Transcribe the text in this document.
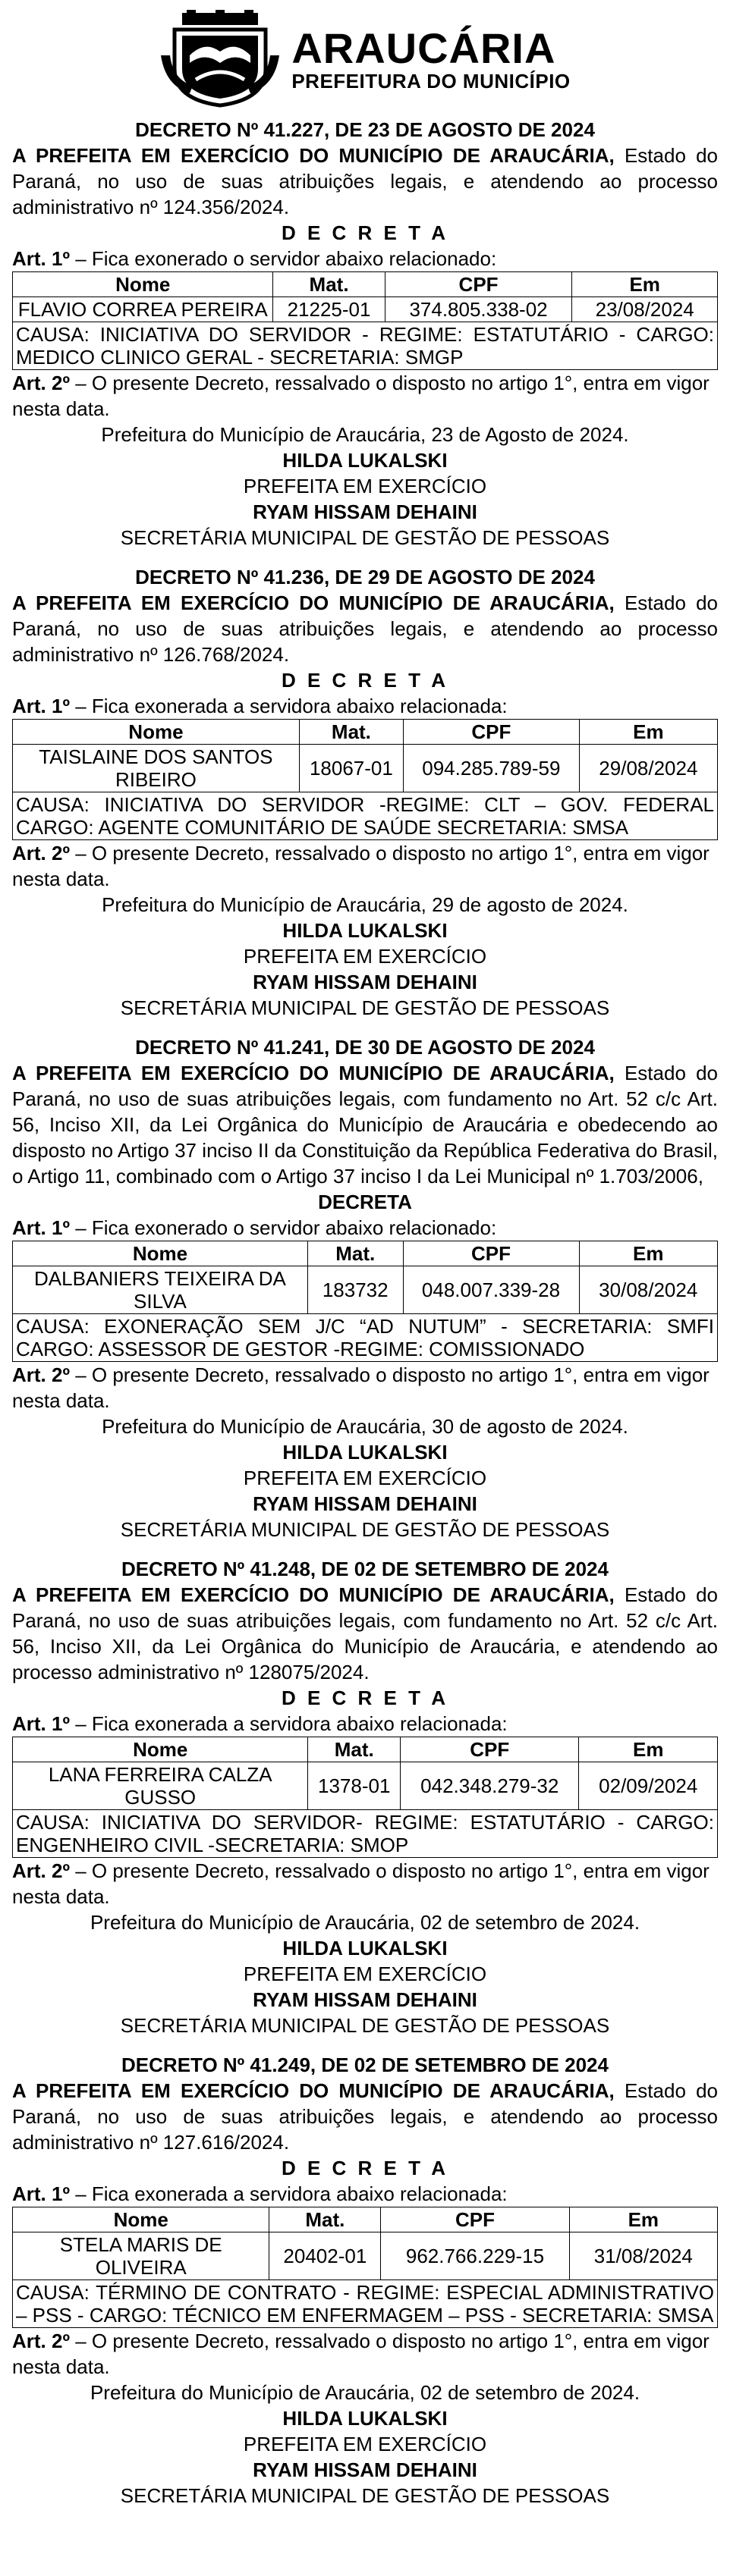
ARAUCÁRIA
PREFEITURA DO MUNICÍPIO
DECRETO Nº 41.227, DE 23 DE AGOSTO DE 2024
A PREFEITA EM EXERCÍCIO DO MUNICÍPIO DE ARAUCÁRIA, Estado do Paraná, no uso de suas atribuições legais, e atendendo ao processo administrativo nº 124.356/2024.
D E C R E T A
Art. 1º – Fica exonerado o servidor abaixo relacionado:
Nome	Mat.	CPF	Em
FLAVIO CORREA PEREIRA	21225-01	374.805.338-02	23/08/2024
CAUSA: INICIATIVA DO SERVIDOR - REGIME: ESTATUTÁRIO - CARGO: MEDICO CLINICO GERAL - SECRETARIA: SMGP			
Art. 2º – O presente Decreto, ressalvado o disposto no artigo 1°, entra em vigor nesta data.
Prefeitura do Município de Araucária, 23 de Agosto de 2024.
HILDA LUKALSKI
PREFEITA EM EXERCÍCIO
RYAM HISSAM DEHAINI
SECRETÁRIA MUNICIPAL DE GESTÃO DE PESSOAS
DECRETO Nº 41.236, DE 29 DE AGOSTO DE 2024
A PREFEITA EM EXERCÍCIO DO MUNICÍPIO DE ARAUCÁRIA, Estado do Paraná, no uso de suas atribuições legais, e atendendo ao processo administrativo nº 126.768/2024.
D E C R E T A
Art. 1º – Fica exonerada a servidora abaixo relacionada:
Nome	Mat.	CPF	Em
TAISLAINE DOS SANTOS RIBEIRO	18067-01	094.285.789-59	29/08/2024
CAUSA: INICIATIVA DO SERVIDOR -REGIME: CLT – GOV. FEDERAL CARGO: AGENTE COMUNITÁRIO DE SAÚDE SECRETARIA: SMSA			
Art. 2º – O presente Decreto, ressalvado o disposto no artigo 1°, entra em vigor nesta data.
Prefeitura do Município de Araucária, 29 de agosto de 2024.
HILDA LUKALSKI
PREFEITA EM EXERCÍCIO
RYAM HISSAM DEHAINI
SECRETÁRIA MUNICIPAL DE GESTÃO DE PESSOAS
DECRETO Nº 41.241, DE 30 DE AGOSTO DE 2024
A PREFEITA EM EXERCÍCIO DO MUNICÍPIO DE ARAUCÁRIA, Estado do Paraná, no uso de suas atribuições legais, com fundamento no Art. 52 c/c Art. 56, Inciso XII, da Lei Orgânica do Município de Araucária e obedecendo ao disposto no Artigo 37 inciso II da Constituição da República Federativa do Brasil, o Artigo 11, combinado com o Artigo 37 inciso I da Lei Municipal nº 1.703/2006,
DECRETA
Art. 1º – Fica exonerado o servidor abaixo relacionado:
Nome	Mat.	CPF	Em
DALBANIERS TEIXEIRA DA SILVA	183732	048.007.339-28	30/08/2024
CAUSA: EXONERAÇÃO SEM J/C “AD NUTUM” - SECRETARIA: SMFI CARGO: ASSESSOR DE GESTOR -REGIME: COMISSIONADO			
Art. 2º – O presente Decreto, ressalvado o disposto no artigo 1°, entra em vigor nesta data.
Prefeitura do Município de Araucária, 30 de agosto de 2024.
HILDA LUKALSKI
PREFEITA EM EXERCÍCIO
RYAM HISSAM DEHAINI
SECRETÁRIA MUNICIPAL DE GESTÃO DE PESSOAS
DECRETO Nº 41.248, DE 02 DE SETEMBRO DE 2024
A PREFEITA EM EXERCÍCIO DO MUNICÍPIO DE ARAUCÁRIA, Estado do Paraná, no uso de suas atribuições legais, com fundamento no Art. 52 c/c Art. 56, Inciso XII, da Lei Orgânica do Município de Araucária, e atendendo ao processo administrativo nº 128075/2024.
D E C R E T A
Art. 1º – Fica exonerada a servidora abaixo relacionada:
Nome	Mat.	CPF	Em
LANA FERREIRA CALZA GUSSO	1378-01	042.348.279-32	02/09/2024
CAUSA: INICIATIVA DO SERVIDOR- REGIME: ESTATUTÁRIO - CARGO: ENGENHEIRO CIVIL -SECRETARIA: SMOP			
Art. 2º – O presente Decreto, ressalvado o disposto no artigo 1°, entra em vigor nesta data.
Prefeitura do Município de Araucária, 02 de setembro de 2024.
HILDA LUKALSKI
PREFEITA EM EXERCÍCIO
RYAM HISSAM DEHAINI
SECRETÁRIA MUNICIPAL DE GESTÃO DE PESSOAS
DECRETO Nº 41.249, DE 02 DE SETEMBRO DE 2024
A PREFEITA EM EXERCÍCIO DO MUNICÍPIO DE ARAUCÁRIA, Estado do Paraná, no uso de suas atribuições legais, e atendendo ao processo administrativo nº 127.616/2024.
D E C R E T A
Art. 1º – Fica exonerada a servidora abaixo relacionada:
Nome	Mat.	CPF	Em
STELA MARIS DE OLIVEIRA	20402-01	962.766.229-15	31/08/2024
CAUSA: TÉRMINO DE CONTRATO - REGIME: ESPECIAL ADMINISTRATIVO – PSS - CARGO: TÉCNICO EM ENFERMAGEM – PSS - SECRETARIA: SMSA			
Art. 2º – O presente Decreto, ressalvado o disposto no artigo 1°, entra em vigor nesta data.
Prefeitura do Município de Araucária, 02 de setembro de 2024.
HILDA LUKALSKI
PREFEITA EM EXERCÍCIO
RYAM HISSAM DEHAINI
SECRETÁRIA MUNICIPAL DE GESTÃO DE PESSOAS
